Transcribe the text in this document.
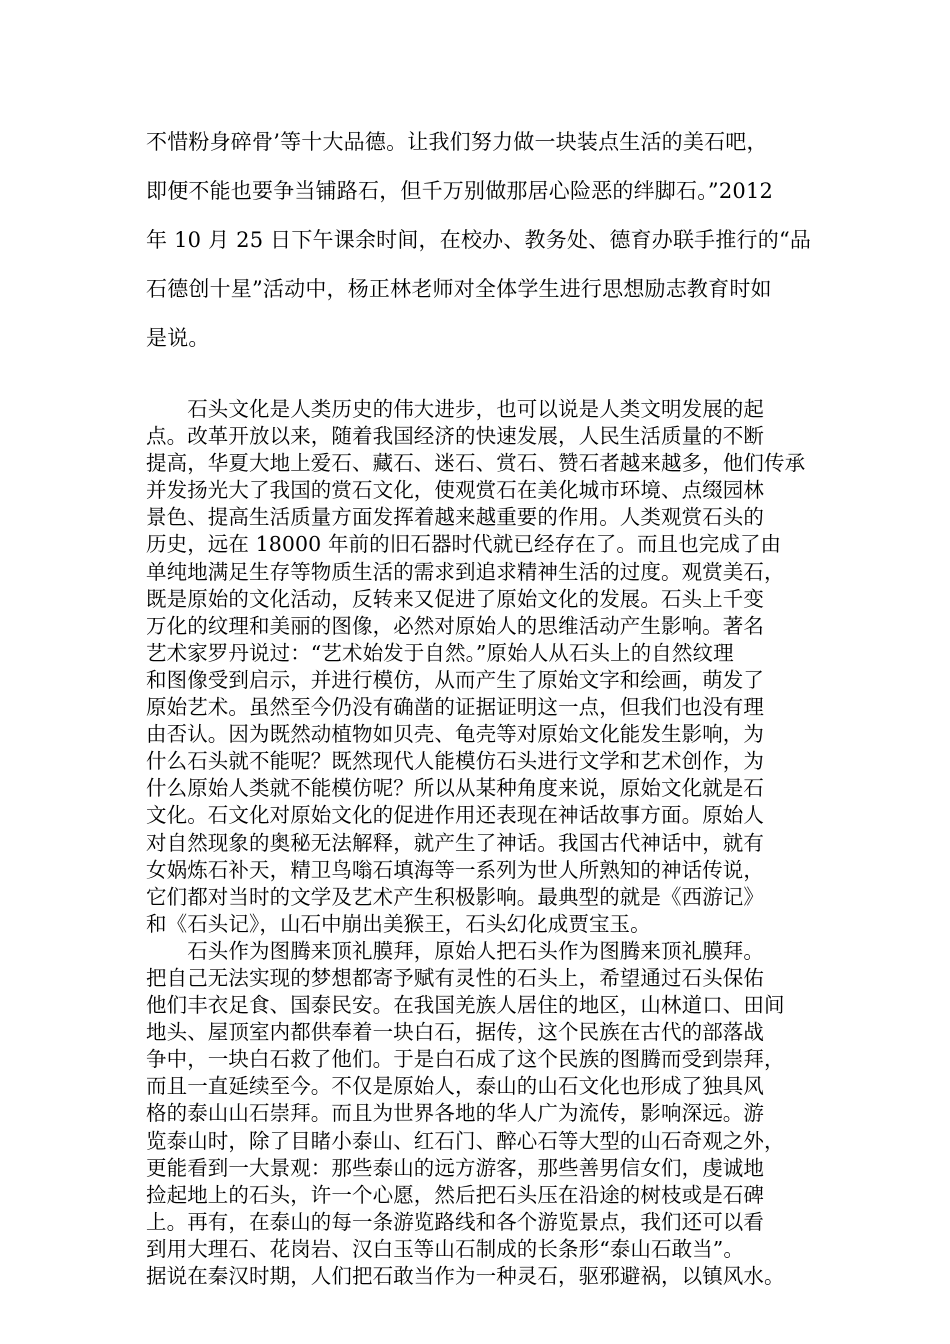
不惜粉身碎骨’等十大品德。让我们努力做一块装点生活的美石吧，
即便不能也要争当铺路石，但千万别做那居心险恶的绊脚石。”2012
年 10 月 25 日下午课余时间，在校办、教务处、德育办联手推行的“品
石德创十星”活动中，杨正林老师对全体学生进行思想励志教育时如
是说。
　　石头文化是人类历史的伟大进步，也可以说是人类文明发展的起
点。改革开放以来，随着我国经济的快速发展，人民生活质量的不断
提高，华夏大地上爱石、藏石、迷石、赏石、赞石者越来越多，他们传承
并发扬光大了我国的赏石文化，使观赏石在美化城市环境、点缀园林
景色、提高生活质量方面发挥着越来越重要的作用。人类观赏石头的
历史，远在 18000 年前的旧石器时代就已经存在了。而且也完成了由
单纯地满足生存等物质生活的需求到追求精神生活的过度。观赏美石，
既是原始的文化活动，反转来又促进了原始文化的发展。石头上千变
万化的纹理和美丽的图像，必然对原始人的思维活动产生影响。著名
艺术家罗丹说过：“艺术始发于自然。”原始人从石头上的自然纹理
和图像受到启示，并进行模仿，从而产生了原始文字和绘画，萌发了
原始艺术。虽然至今仍没有确凿的证据证明这一点，但我们也没有理
由否认。因为既然动植物如贝壳、龟壳等对原始文化能发生影响，为
什么石头就不能呢？既然现代人能模仿石头进行文学和艺术创作，为
什么原始人类就不能模仿呢？所以从某种角度来说，原始文化就是石
文化。石文化对原始文化的促进作用还表现在神话故事方面。原始人
对自然现象的奥秘无法解释，就产生了神话。我国古代神话中，就有
女娲炼石补天，精卫鸟嗡石填海等一系列为世人所熟知的神话传说，
它们都对当时的文学及艺术产生积极影响。最典型的就是《西游记》
和《石头记》，山石中崩出美猴王，石头幻化成贾宝玉。
　　石头作为图腾来顶礼膜拜，原始人把石头作为图腾来顶礼膜拜。
把自己无法实现的梦想都寄予赋有灵性的石头上，希望通过石头保佑
他们丰衣足食、国泰民安。在我国羌族人居住的地区，山林道口、田间
地头、屋顶室内都供奉着一块白石，据传，这个民族在古代的部落战
争中，一块白石救了他们。于是白石成了这个民族的图腾而受到崇拜，
而且一直延续至今。不仅是原始人，泰山的山石文化也形成了独具风
格的泰山山石崇拜。而且为世界各地的华人广为流传，影响深远。游
览泰山时，除了目睹小泰山、红石门、醉心石等大型的山石奇观之外，
更能看到一大景观：那些泰山的远方游客，那些善男信女们，虔诚地
捡起地上的石头，许一个心愿，然后把石头压在沿途的树枝或是石碑
上。再有，在泰山的每一条游览路线和各个游览景点，我们还可以看
到用大理石、花岗岩、汉白玉等山石制成的长条形“泰山石敢当”。
据说在秦汉时期，人们把石敢当作为一种灵石，驱邪避祸，以镇风水。
